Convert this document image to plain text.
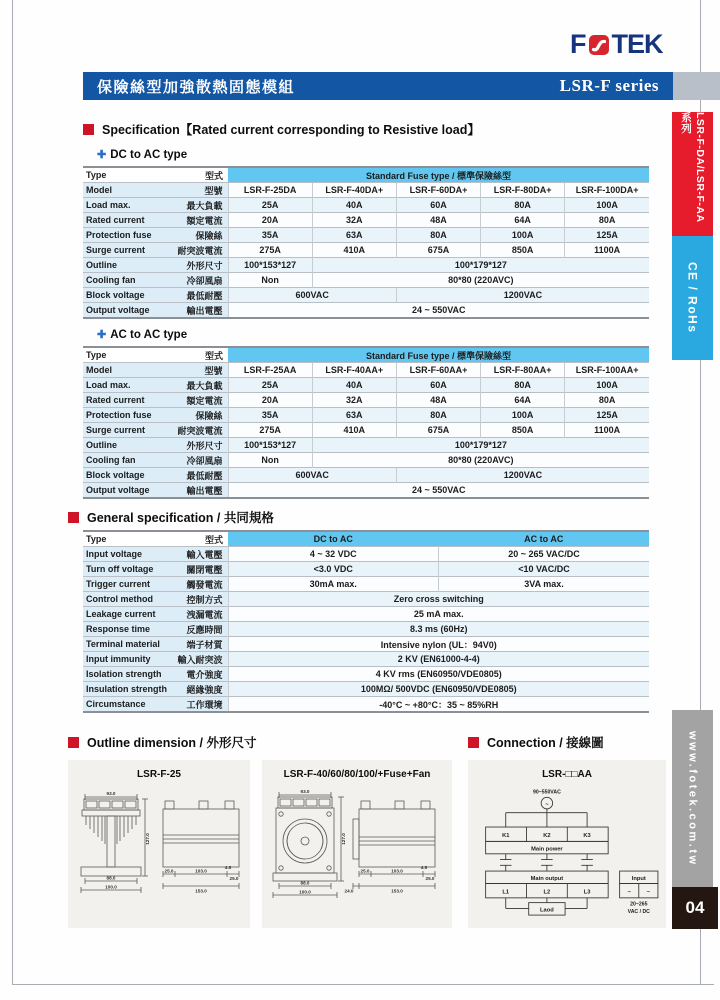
F TEK
保險絲型加強散熱固態模組	LSR-F series
Specification【Rated current corresponding to Resistive load】
✚ DC to AC type
Type 型式	Standard Fuse type / 標準保險絲型				

Model 型號	LSR-F-25DA	LSR-F-40DA+	LSR-F-60DA+	LSR-F-80DA+	LSR-F-100DA+

Load max. 最大負載	25A	40A	60A	80A	100A

Rated current 額定電流	20A	32A	48A	64A	80A

Protection fuse 保險絲	35A	63A	80A	100A	125A

Surge current 耐突波電流	275A	410A	675A	850A	1100A

Outline 外形尺寸	100*153*127	100*179*127			

Cooling fan 冷卻風扇	Non	80*80 (220AVC)			

Block voltage 最低耐壓	600VAC		1200VAC		

Output voltage 輸出電壓	24 ~ 550VAC				
✚ AC to AC type
Type 型式	Standard Fuse type / 標準保險絲型				

Model 型號	LSR-F-25AA	LSR-F-40AA+	LSR-F-60AA+	LSR-F-80AA+	LSR-F-100AA+

Load max. 最大負載	25A	40A	60A	80A	100A

Rated current 額定電流	20A	32A	48A	64A	80A

Protection fuse 保險絲	35A	63A	80A	100A	125A

Surge current 耐突波電流	275A	410A	675A	850A	1100A

Outline 外形尺寸	100*153*127	100*179*127			

Cooling fan 冷卻風扇	Non	80*80 (220AVC)			

Block voltage 最低耐壓	600VAC		1200VAC		

Output voltage 輸出電壓	24 ~ 550VAC				
General specification / 共同規格
Type 型式	DC to AC	AC to AC

Input voltage 輸入電壓	4 ~ 32 VDC	20 ~ 265 VAC/DC

Turn off voltage 關閉電壓	<3.0 VDC	<10 VAC/DC

Trigger current 觸發電流	30mA max.	3VA max.

Control method 控制方式	Zero cross switching	

Leakage current 洩漏電流	25 mA max.	

Response time 反應時間	8.3 ms (60Hz)	

Terminal material 端子材質	Intensive nylon (UL：94V0)	

Input immunity 輸入耐突波	2 KV (EN61000-4-4)	

Isolation strength 電介強度	4 KV rms (EN60950/VDE0805)	

Insulation strength 絕緣強度	100MΩ/ 500VDC (EN60950/VDE0805)	

Circumstance 工作環境	-40°C ~ +80°C：35 ~ 85%RH	
Outline dimension / 外形尺寸	Connection / 接線圖
LSR-F-25
93.0
88.0
100.0
127.0
25.0	103.0
4.5
25.0
153.0
LSR-F-40/60/80/100/+Fuse+Fan
93.0
88.0
100.0
127.0
25.0	103.0
4.5
25.0
24.0	153.0
LSR-□□AA
90~550VAC
~
K1	K2	K3
Main power
Main output
L1	L2	L3
Laod
Input
~	~
20~265
VAC / DC
LSR-F-DA/LSR-F-AA 系列
CE / RoHs
www.fotek.com.tw
04
